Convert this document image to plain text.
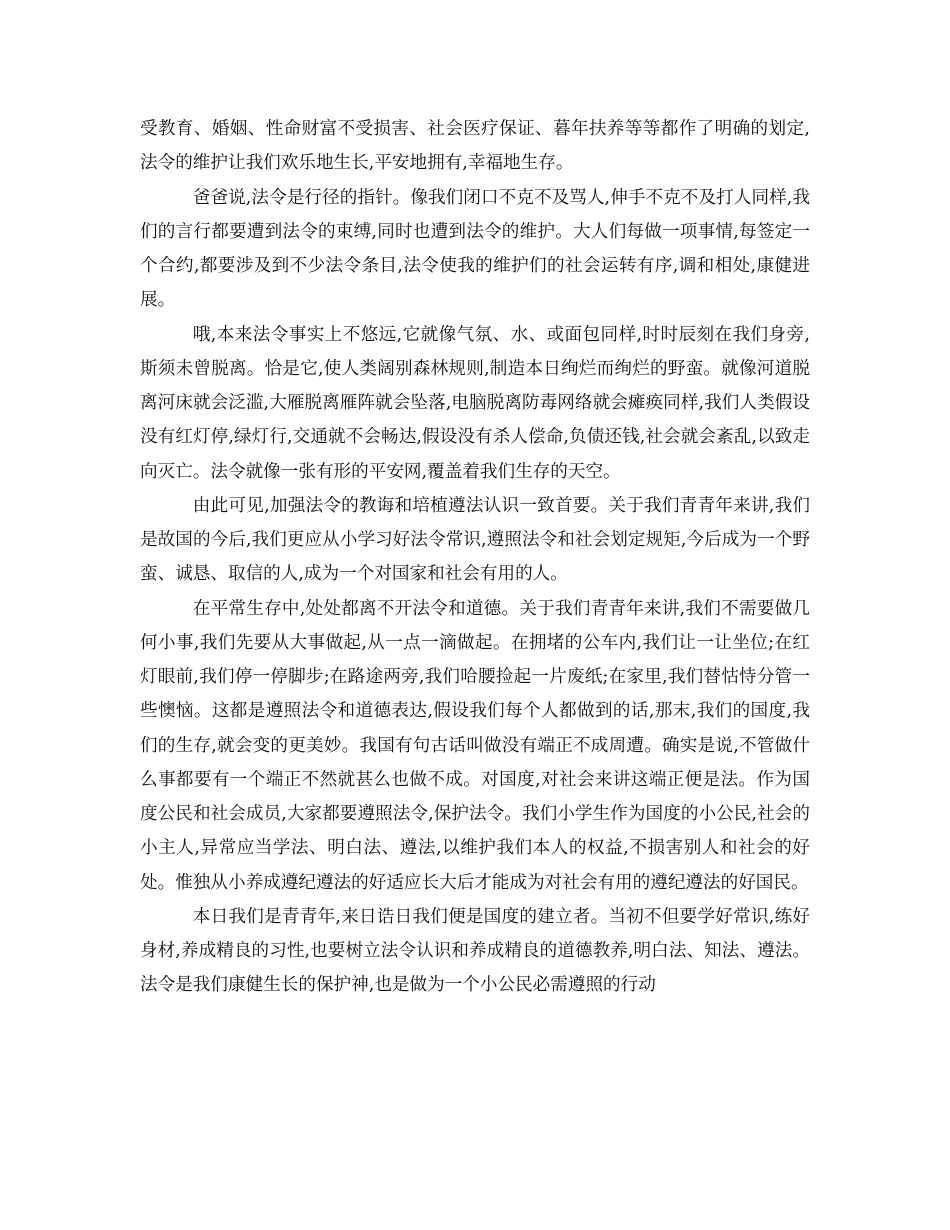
受教育、婚姻、性命财富不受损害、社会医疗保证、暮年扶养等等都作了明确的划定,法令的维护让我们欢乐地生长,平安地拥有,幸福地生存。

爸爸说,法令是行径的指针。像我们闭口不克不及骂人,伸手不克不及打人同样,我们的言行都要遭到法令的束缚,同时也遭到法令的维护。大人们每做一项事情,每签定一个合约,都要涉及到不少法令条目,法令使我的维护们的社会运转有序,调和相处,康健进展。

哦,本来法令事实上不悠远,它就像气氛、水、或面包同样,时时辰刻在我们身旁,斯须未曾脱离。恰是它,使人类阔别森林规则,制造本日绚烂而绚烂的野蛮。就像河道脱离河床就会泛滥,大雁脱离雁阵就会坠落,电脑脱离防毒网络就会瘫痪同样,我们人类假设没有红灯停,绿灯行,交通就不会畅达,假设没有杀人偿命,负债还钱,社会就会紊乱,以致走向灭亡。法令就像一张有形的平安网,覆盖着我们生存的天空。

由此可见,加强法令的教诲和培植遵法认识一致首要。关于我们青青年来讲,我们是故国的今后,我们更应从小学习好法令常识,遵照法令和社会划定规矩,今后成为一个野蛮、诚恳、取信的人,成为一个对国家和社会有用的人。

在平常生存中,处处都离不开法令和道德。关于我们青青年来讲,我们不需要做几何小事,我们先要从大事做起,从一点一滴做起。在拥堵的公车内,我们让一让坐位;在红灯眼前,我们停一停脚步;在路途两旁,我们哈腰捡起一片废纸;在家里,我们替怙恃分管一些懊恼。这都是遵照法令和道德表达,假设我们每个人都做到的话,那末,我们的国度,我们的生存,就会变的更美妙。我国有句古话叫做没有端正不成周遭。确实是说,不管做什么事都要有一个端正不然就甚么也做不成。对国度,对社会来讲这端正便是法。作为国度公民和社会成员,大家都要遵照法令,保护法令。我们小学生作为国度的小公民,社会的小主人,异常应当学法、明白法、遵法,以维护我们本人的权益,不损害别人和社会的好处。惟独从小养成遵纪遵法的好适应长大后才能成为对社会有用的遵纪遵法的好国民。

本日我们是青青年,来日诰日我们便是国度的建立者。当初不但要学好常识,练好身材,养成精良的习性,也要树立法令认识和养成精良的道德教养,明白法、知法、遵法。法令是我们康健生长的保护神,也是做为一个小公民必需遵照的行动
